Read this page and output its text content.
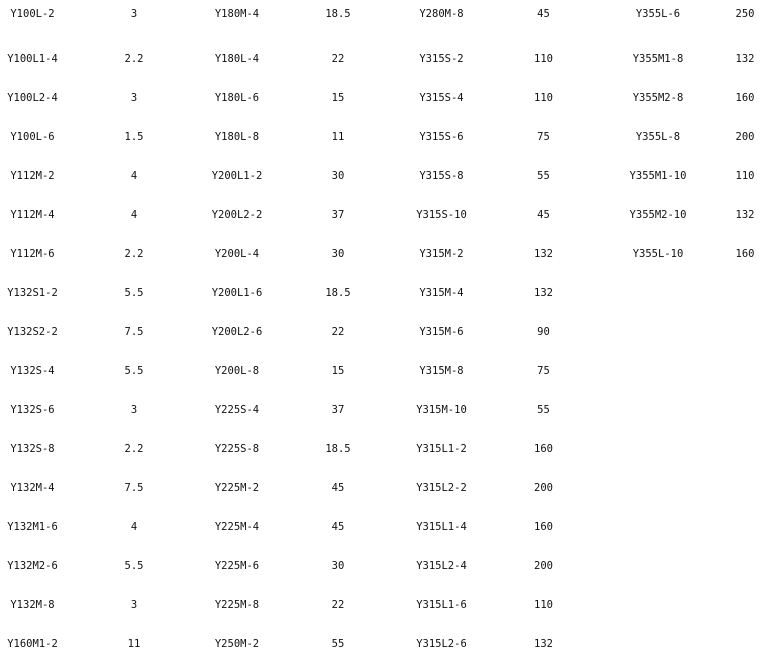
Y100L-2	3	Y180M-4	18.5	Y280M-8	45	Y355L-6	250
Y100L1-4	2.2	Y180L-4	22	Y315S-2	110	Y355M1-8	132
Y100L2-4	3	Y180L-6	15	Y315S-4	110	Y355M2-8	160
Y100L-6	1.5	Y180L-8	11	Y315S-6	75	Y355L-8	200
Y112M-2	4	Y200L1-2	30	Y315S-8	55	Y355M1-10	110
Y112M-4	4	Y200L2-2	37	Y315S-10	45	Y355M2-10	132
Y112M-6	2.2	Y200L-4	30	Y315M-2	132	Y355L-10	160
Y132S1-2	5.5	Y200L1-6	18.5	Y315M-4	132		
Y132S2-2	7.5	Y200L2-6	22	Y315M-6	90		
Y132S-4	5.5	Y200L-8	15	Y315M-8	75		
Y132S-6	3	Y225S-4	37	Y315M-10	55		
Y132S-8	2.2	Y225S-8	18.5	Y315L1-2	160		
Y132M-4	7.5	Y225M-2	45	Y315L2-2	200		
Y132M1-6	4	Y225M-4	45	Y315L1-4	160		
Y132M2-6	5.5	Y225M-6	30	Y315L2-4	200		
Y132M-8	3	Y225M-8	22	Y315L1-6	110		
Y160M1-2	11	Y250M-2	55	Y315L2-6	132		
